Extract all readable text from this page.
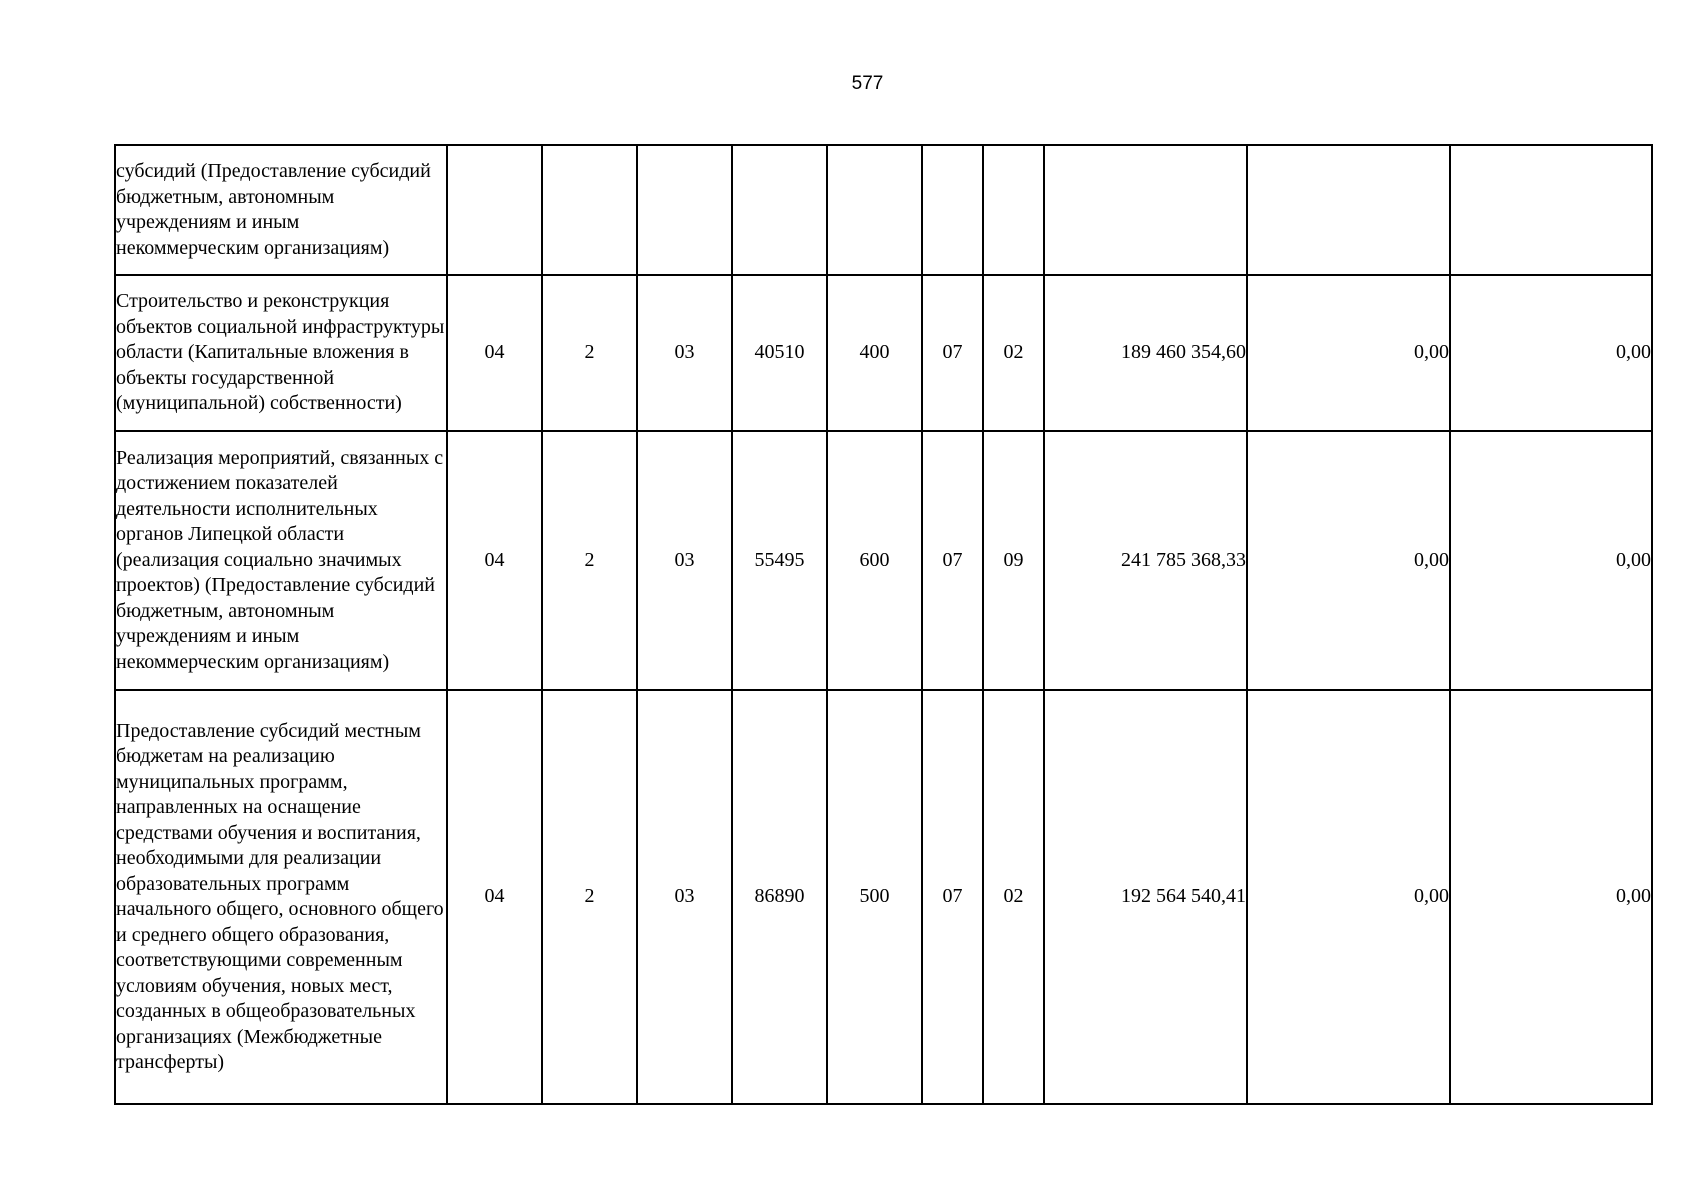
577
субсидий (Предоставление субсидий бюджетным, автономным учреждениям и иным некоммерческим организациям)										
Строительство и реконструкция объектов социальной инфраструктуры области (Капитальные вложения в объекты государственной (муниципальной) собственности)	04	2	03	40510	400	07	02	189 460 354,60	0,00	0,00
Реализация мероприятий, связанных с достижением показателей деятельности исполнительных органов Липецкой области (реализация социально значимых проектов) (Предоставление субсидий бюджетным, автономным учреждениям и иным некоммерческим организациям)	04	2	03	55495	600	07	09	241 785 368,33	0,00	0,00
Предоставление субсидий местным бюджетам на реализацию муниципальных программ, направленных на оснащение средствами обучения и воспитания, необходимыми для реализации образовательных программ начального общего, основного общего и среднего общего образования, соответствующими современным условиям обучения, новых мест, созданных в общеобразовательных организациях (Межбюджетные трансферты)	04	2	03	86890	500	07	02	192 564 540,41	0,00	0,00
